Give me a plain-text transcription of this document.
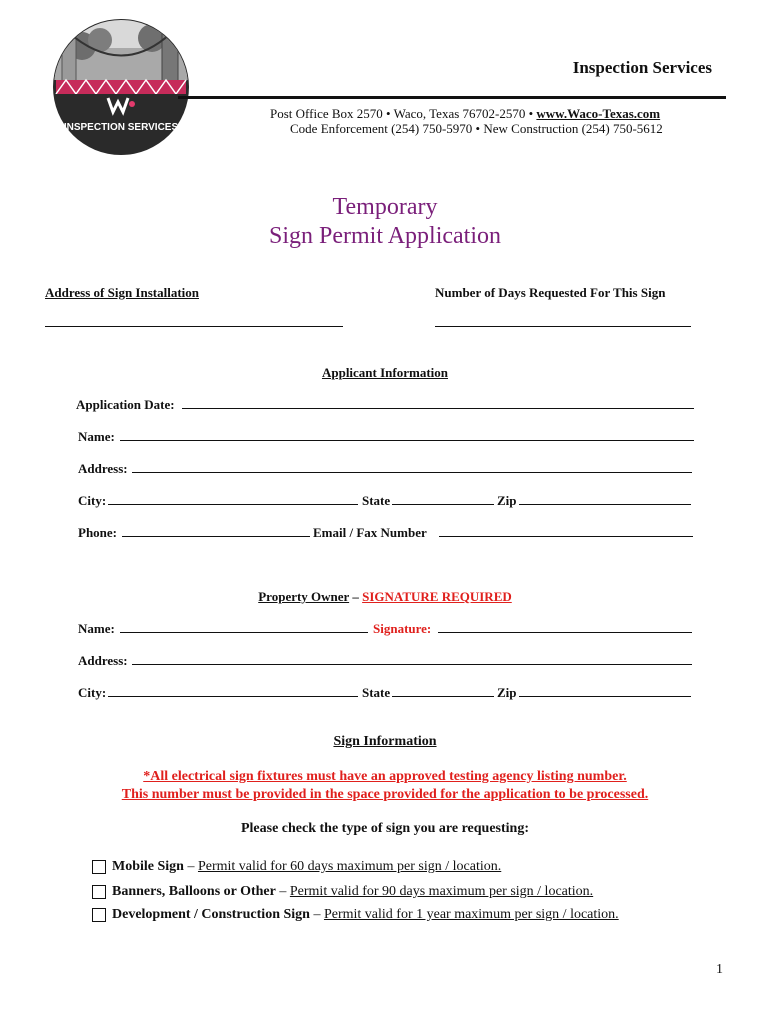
INSPECTION SERVICES
Inspection Services
Post Office Box 2570 • Waco, Texas 76702-2570 • www.Waco-Texas.com
Code Enforcement (254) 750-5970 • New Construction (254) 750-5612
Temporary
Sign Permit Application
Address of Sign Installation	Number of Days Requested For This Sign
Applicant Information
Application Date:
Name:
Address:
City:	State	Zip
Phone:	Email / Fax Number
Property Owner – SIGNATURE REQUIRED
Name:	Signature:
Address:
City:	State	Zip
Sign Information
*All electrical sign fixtures must have an approved testing agency listing number.
This number must be provided in the space provided for the application to be processed.
Please check the type of sign you are requesting:
Mobile Sign – Permit valid for 60 days maximum per sign / location.
Banners, Balloons or Other – Permit valid for 90 days maximum per sign / location.
Development / Construction Sign – Permit valid for 1 year maximum per sign / location.
1
